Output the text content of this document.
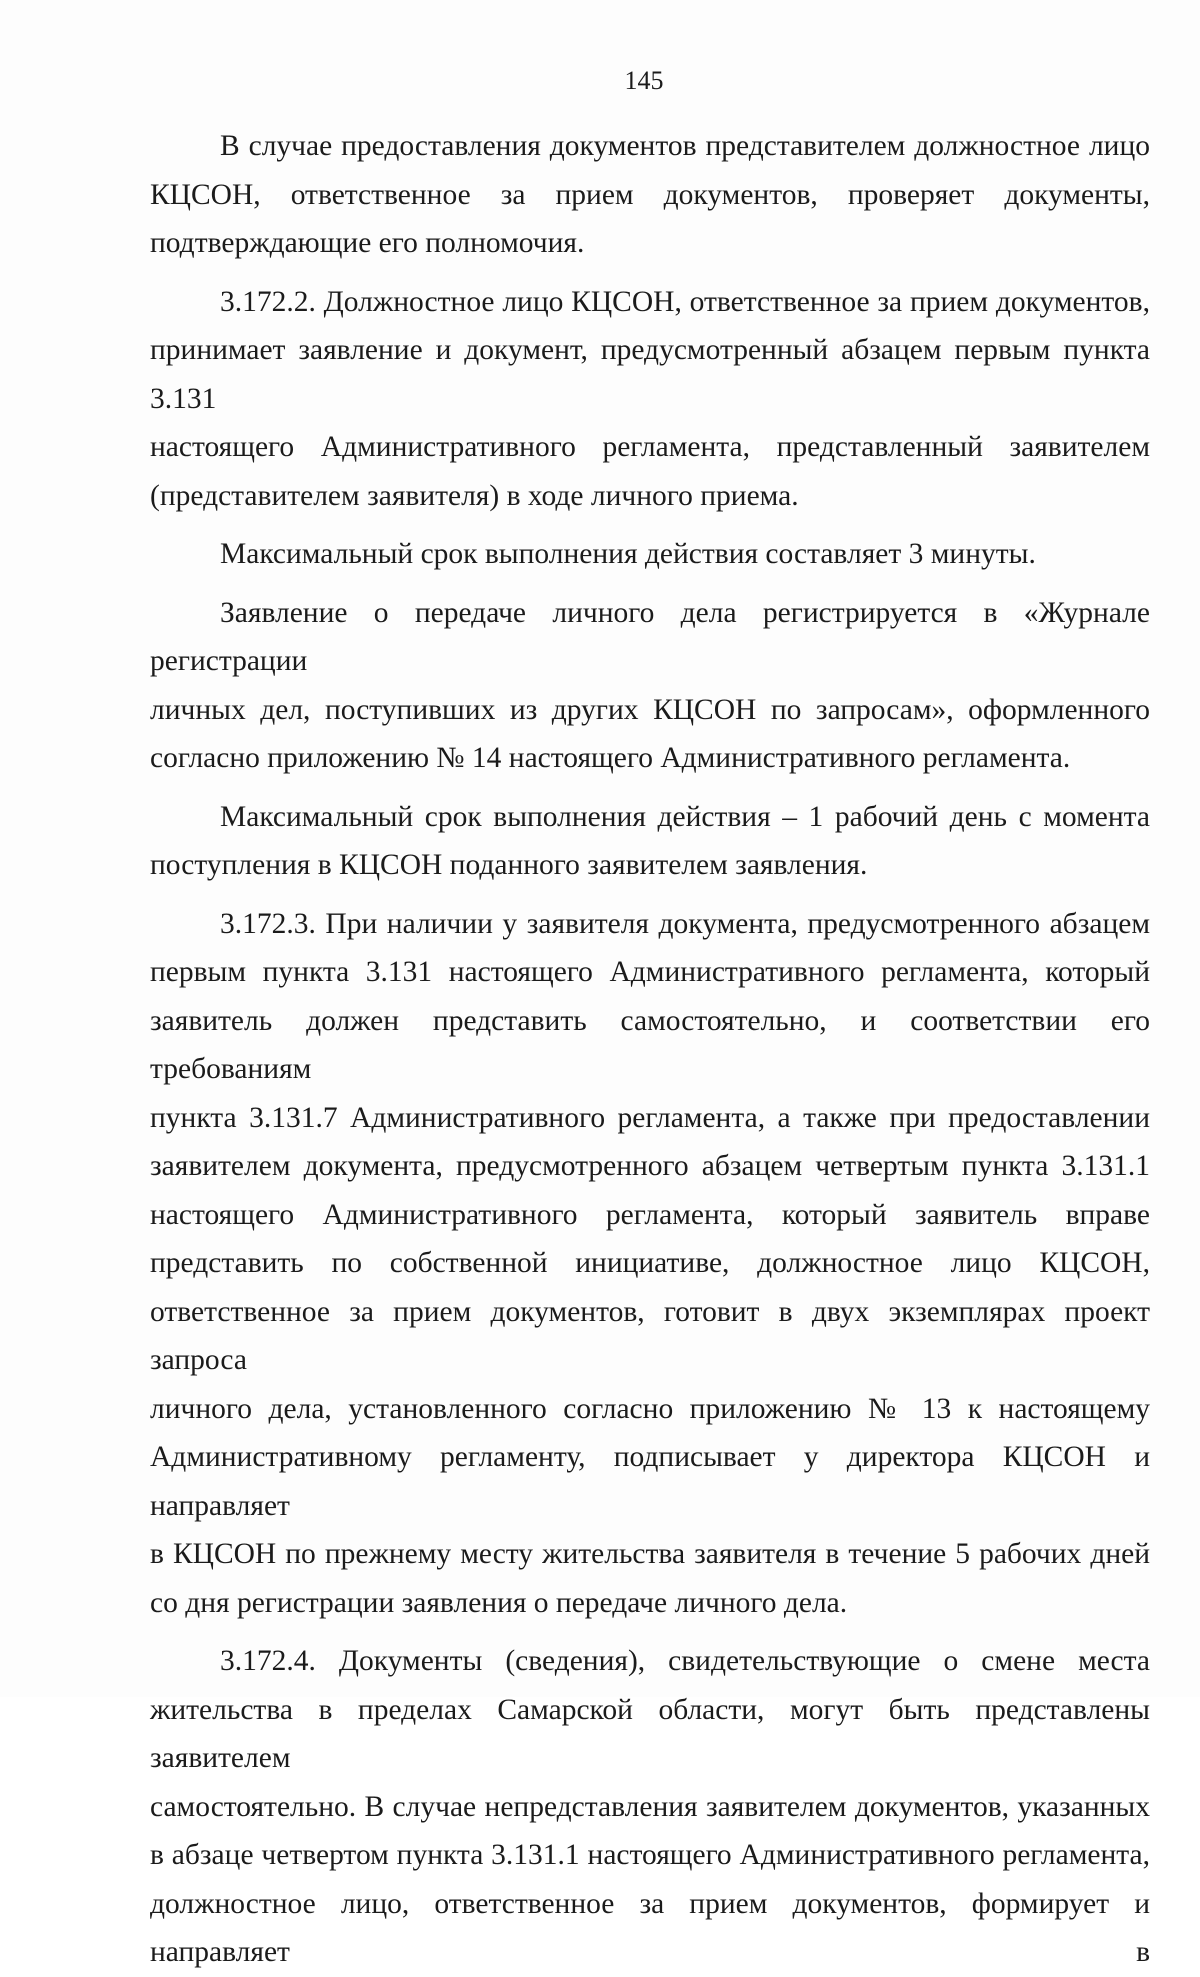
145

В случае предоставления документов представителем должностное лицо
КЦСОН, ответственное за прием документов, проверяет документы,
подтверждающие его полномочия.

3.172.2. Должностное лицо КЦСОН, ответственное за прием документов,
принимает заявление и документ, предусмотренный абзацем первым пункта 3.131
настоящего Административного регламента, представленный заявителем
(представителем заявителя) в ходе личного приема.

Максимальный срок выполнения действия составляет 3 минуты.

Заявление о передаче личного дела регистрируется в «Журнале регистрации
личных дел, поступивших из других КЦСОН по запросам», оформленного
согласно приложению № 14 настоящего Административного регламента.

Максимальный срок выполнения действия – 1 рабочий день с момента
поступления в КЦСОН поданного заявителем заявления.

3.172.3. При наличии у заявителя документа, предусмотренного абзацем
первым пункта 3.131 настоящего Административного регламента, который
заявитель должен представить самостоятельно, и соответствии его требованиям
пункта 3.131.7 Административного регламента, а также при предоставлении
заявителем документа, предусмотренного абзацем четвертым пункта 3.131.1
настоящего Административного регламента, который заявитель вправе
представить по собственной инициативе, должностное лицо КЦСОН,
ответственное за прием документов, готовит в двух экземплярах проект запроса
личного дела, установленного согласно приложению № 13 к настоящему
Административному регламенту, подписывает у директора КЦСОН и направляет
в КЦСОН по прежнему месту жительства заявителя в течение 5 рабочих дней
со дня регистрации заявления о передаче личного дела.

3.172.4. Документы (сведения), свидетельствующие о смене места
жительства в пределах Самарской области, могут быть представлены заявителем
самостоятельно. В случае непредставления заявителем документов, указанных
в абзаце четвертом пункта 3.131.1 настоящего Административного регламента,
должностное лицо, ответственное за прием документов, формирует и направляет в
